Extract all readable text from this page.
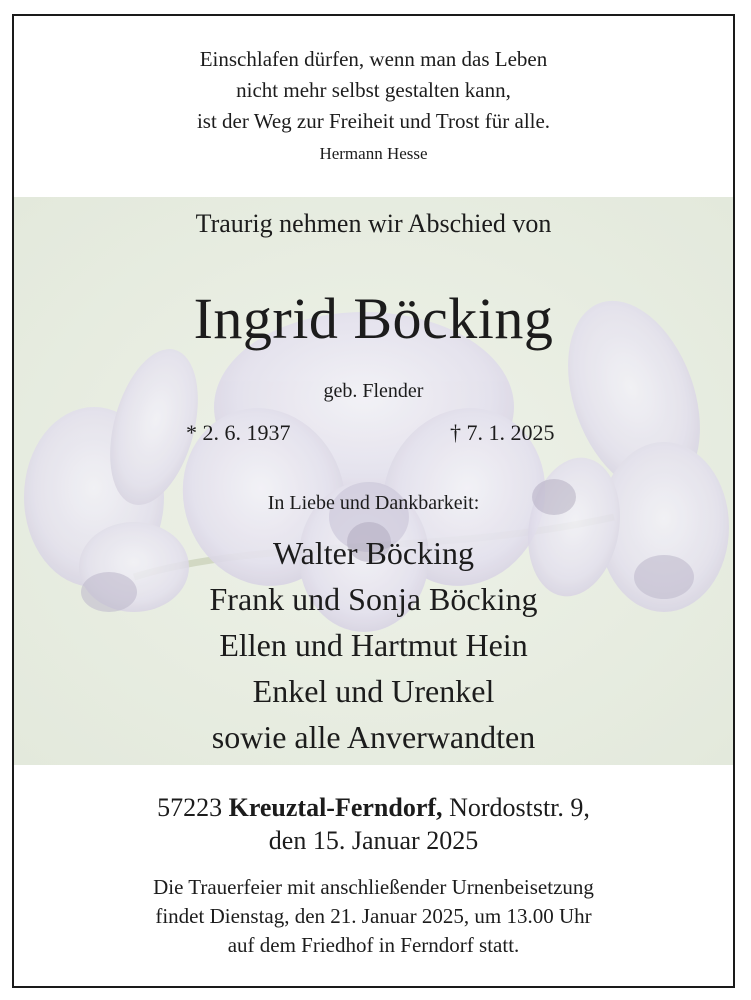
Einschlafen dürfen, wenn man das Leben
nicht mehr selbst gestalten kann,
ist der Weg zur Freiheit und Trost für alle.
Hermann Hesse
Traurig nehmen wir Abschied von
Ingrid Böcking
geb. Flender
* 2. 6. 1937	† 7. 1. 2025
In Liebe und Dankbarkeit:
Walter Böcking
Frank und Sonja Böcking
Ellen und Hartmut Hein
Enkel und Urenkel
sowie alle Anverwandten
57223 Kreuztal-Ferndorf, Nordoststr. 9,
den 15. Januar 2025
Die Trauerfeier mit anschließender Urnenbeisetzung
findet Dienstag, den 21. Januar 2025, um 13.00 Uhr
auf dem Friedhof in Ferndorf statt.
